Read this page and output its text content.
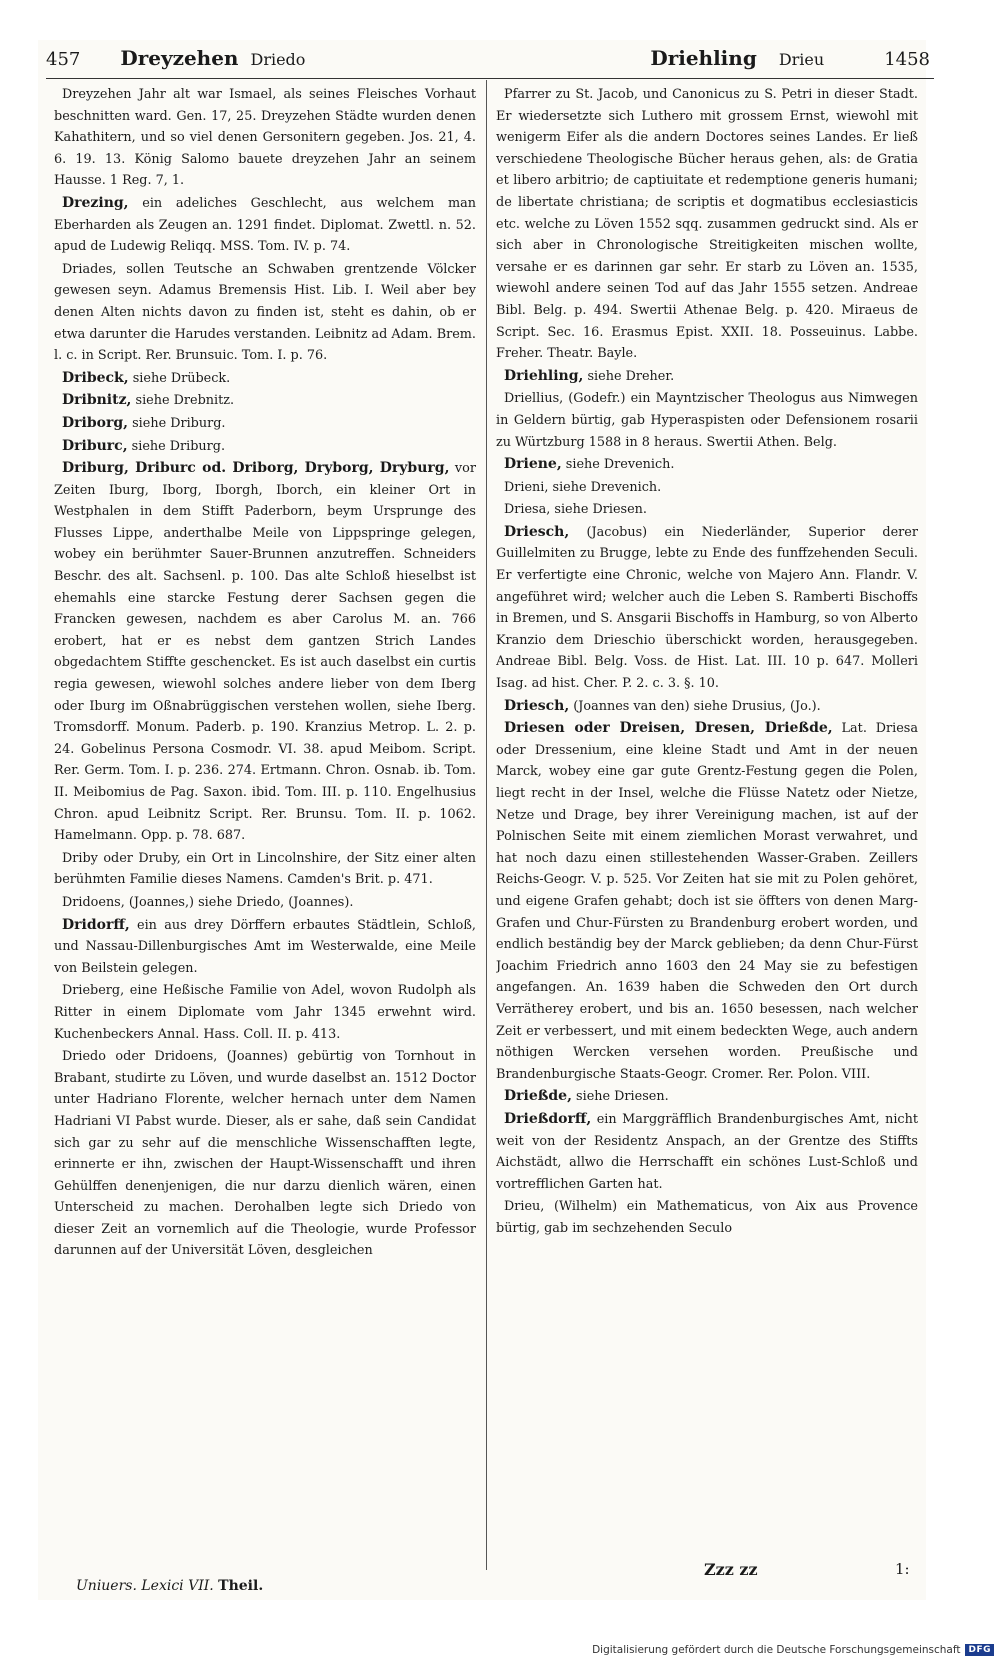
457 Dreyzehen Driedo	Driehling Drieu	1458

Dreyzehen Jahr alt war Ismael, als seines Fleisches Vorhaut beschnitten ward. Gen. 17, 25. Dreyzehen Städte wurden denen Kahathitern, und so viel denen Gersonitern gegeben. Jos. 21, 4. 6. 19. 13. König Salomo bauete dreyzehen Jahr an seinem Hausse. 1 Reg. 7, 1.

Drezing, ein adeliches Geschlecht, aus welchem man Eberharden als Zeugen an. 1291 findet. Diplomat. Zwettl. n. 52. apud de Ludewig Reliqq. MSS. Tom. IV. p. 74.

Driades, sollen Teutsche an Schwaben grentzende Völcker gewesen seyn. Adamus Bremensis Hist. Lib. I. Weil aber bey denen Alten nichts davon zu finden ist, steht es dahin, ob er etwa darunter die Harudes verstanden. Leibnitz ad Adam. Brem. l. c. in Script. Rer. Brunsuic. Tom. I. p. 76.

Dribeck, siehe Drübeck.

Dribnitz, siehe Drebnitz.

Driborg, siehe Driburg.

Driburc, siehe Driburg.

Driburg, Driburc od. Driborg, Dryborg, Dryburg, vor Zeiten Iburg, Iborg, Iborgh, Iborch, ein kleiner Ort in Westphalen in dem Stifft Paderborn, beym Ursprunge des Flusses Lippe, anderthalbe Meile von Lippspringe gelegen, wobey ein berühmter Sauer-Brunnen anzutreffen. Schneiders Beschr. des alt. Sachsenl. p. 100. Das alte Schloß hieselbst ist ehemahls eine starcke Festung derer Sachsen gegen die Francken gewesen, nachdem es aber Carolus M. an. 766 erobert, hat er es nebst dem gantzen Strich Landes obgedachtem Stiffte geschencket. Es ist auch daselbst ein curtis regia gewesen, wiewohl solches andere lieber von dem Iberg oder Iburg im Oßnabrüggischen verstehen wollen, siehe Iberg. Tromsdorff. Monum. Paderb. p. 190. Kranzius Metrop. L. 2. p. 24. Gobelinus Persona Cosmodr. VI. 38. apud Meibom. Script. Rer. Germ. Tom. I. p. 236. 274. Ertmann. Chron. Osnab. ib. Tom. II. Meibomius de Pag. Saxon. ibid. Tom. III. p. 110. Engelhusius Chron. apud Leibnitz Script. Rer. Brunsu. Tom. II. p. 1062. Hamelmann. Opp. p. 78. 687.

Driby oder Druby, ein Ort in Lincolnshire, der Sitz einer alten berühmten Familie dieses Namens. Camden's Brit. p. 471.

Dridoens, (Joannes,) siehe Driedo, (Joannes).

Dridorff, ein aus drey Dörffern erbautes Städtlein, Schloß, und Nassau-Dillenburgisches Amt im Westerwalde, eine Meile von Beilstein gelegen.

Drieberg, eine Heßische Familie von Adel, wovon Rudolph als Ritter in einem Diplomate vom Jahr 1345 erwehnt wird. Kuchenbeckers Annal. Hass. Coll. II. p. 413.

Driedo oder Dridoens, (Joannes) gebürtig von Tornhout in Brabant, studirte zu Löven, und wurde daselbst an. 1512 Doctor unter Hadriano Florente, welcher hernach unter dem Namen Hadriani VI Pabst wurde. Dieser, als er sahe, daß sein Candidat sich gar zu sehr auf die menschliche Wissenschafften legte, erinnerte er ihn, zwischen der Haupt-Wissenschafft und ihren Gehülffen denenjenigen, die nur darzu dienlich wären, einen Unterscheid zu machen. Derohalben legte sich Driedo von dieser Zeit an vornemlich auf die Theologie, wurde Professor darunnen auf der Universität Löven, desgleichen

Pfarrer zu St. Jacob, und Canonicus zu S. Petri in dieser Stadt. Er wiedersetzte sich Luthero mit grossem Ernst, wiewohl mit wenigerm Eifer als die andern Doctores seines Landes. Er ließ verschiedene Theologische Bücher heraus gehen, als: de Gratia et libero arbitrio; de captiuitate et redemptione generis humani; de libertate christiana; de scriptis et dogmatibus ecclesiasticis etc. welche zu Löven 1552 sqq. zusammen gedruckt sind. Als er sich aber in Chronologische Streitigkeiten mischen wollte, versahe er es darinnen gar sehr. Er starb zu Löven an. 1535, wiewohl andere seinen Tod auf das Jahr 1555 setzen. Andreae Bibl. Belg. p. 494. Swertii Athenae Belg. p. 420. Miraeus de Script. Sec. 16. Erasmus Epist. XXII. 18. Posseuinus. Labbe. Freher. Theatr. Bayle.

Driehling, siehe Dreher.

Driellius, (Godefr.) ein Mayntzischer Theologus aus Nimwegen in Geldern bürtig, gab Hyperaspisten oder Defensionem rosarii zu Würtzburg 1588 in 8 heraus. Swertii Athen. Belg.

Driene, siehe Drevenich.

Drieni, siehe Drevenich.

Driesa, siehe Driesen.

Driesch, (Jacobus) ein Niederländer, Superior derer Guillelmiten zu Brugge, lebte zu Ende des funffzehenden Seculi. Er verfertigte eine Chronic, welche von Majero Ann. Flandr. V. angeführet wird; welcher auch die Leben S. Ramberti Bischoffs in Bremen, und S. Ansgarii Bischoffs in Hamburg, so von Alberto Kranzio dem Drieschio überschickt worden, herausgegeben. Andreae Bibl. Belg. Voss. de Hist. Lat. III. 10 p. 647. Molleri Isag. ad hist. Cher. P. 2. c. 3. §. 10.

Driesch, (Joannes van den) siehe Drusius, (Jo.).

Driesen oder Dreisen, Dresen, Drießde, Lat. Driesa oder Dressenium, eine kleine Stadt und Amt in der neuen Marck, wobey eine gar gute Grentz-Festung gegen die Polen, liegt recht in der Insel, welche die Flüsse Natetz oder Nietze, Netze und Drage, bey ihrer Vereinigung machen, ist auf der Polnischen Seite mit einem ziemlichen Morast verwahret, und hat noch dazu einen stillestehenden Wasser-Graben. Zeillers Reichs-Geogr. V. p. 525. Vor Zeiten hat sie mit zu Polen gehöret, und eigene Grafen gehabt; doch ist sie öffters von denen Marg-Grafen und Chur-Fürsten zu Brandenburg erobert worden, und endlich beständig bey der Marck geblieben; da denn Chur-Fürst Joachim Friedrich anno 1603 den 24 May sie zu befestigen angefangen. An. 1639 haben die Schweden den Ort durch Verrätherey erobert, und bis an. 1650 besessen, nach welcher Zeit er verbessert, und mit einem bedeckten Wege, auch andern nöthigen Wercken versehen worden. Preußische und Brandenburgische Staats-Geogr. Cromer. Rer. Polon. VIII.

Drießde, siehe Driesen.

Drießdorff, ein Marggräfflich Brandenburgisches Amt, nicht weit von der Residentz Anspach, an der Grentze des Stiffts Aichstädt, allwo die Herrschafft ein schönes Lust-Schloß und vortrefflichen Garten hat.

Drieu, (Wilhelm) ein Mathematicus, von Aix aus Provence bürtig, gab im sechzehenden Seculo

Uniuers. Lexici VII. Theil.
Zzz zz	1:
Digitalisierung gefördert durch die Deutsche Forschungsgemeinschaft DFG
